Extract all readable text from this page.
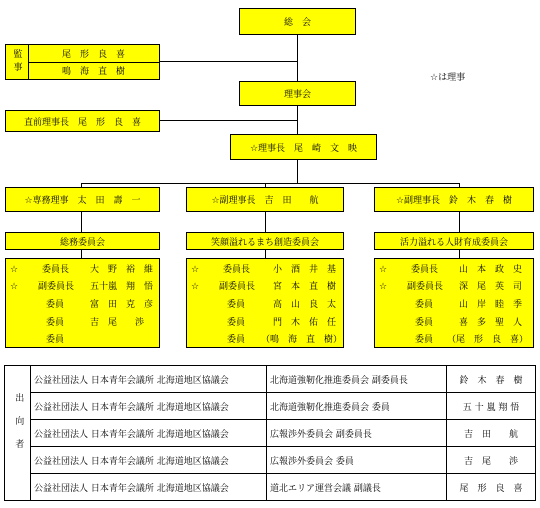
総　会
監事	尾　形　良　喜
鳴　海　直　樹
☆は理事
理事会
直前理事長　尾　形　良　喜
☆理事長　尾　崎　文　映
☆専務理事　太　田　壽　一	☆副理事長　吉　田　　航	☆副理事長　鈴　木　春　樹
総務委員会	笑顔溢れるまち創造委員会	活力溢れる人財育成委員会
☆	委員長 大　野　裕　維
☆ 副委員長 五十嵐　翔　悟
委員	富　田　克　彦
委員	吉　尾　　渉
委員
☆	委員長	小　酒　井　基
☆ 副委員長 宮　本　直　樹
委員	高　山　良　太
委員	門　木　佑　任
委員 （鳴　海　直　樹）
☆	委員長 山　本　政　史
☆ 副委員長 深　尾　英　司
委員	山　岸　睦　季
委員	喜　多　聖　人
委員 （尾　形　良　喜）
出向者	公益社団法人 日本青年会議所 北海道地区協議会	北海道強靭化推進委員会 副委員長	鈴　木　春　樹
	公益社団法人 日本青年会議所 北海道地区協議会	北海道強靭化推進委員会 委員	五 十 嵐 翔 悟
	公益社団法人 日本青年会議所 北海道地区協議会	広報渉外委員会 副委員長	吉　田　　航
	公益社団法人 日本青年会議所 北海道地区協議会	広報渉外委員会 委員	吉　尾　　渉
	公益社団法人 日本青年会議所 北海道地区協議会	道北エリア運営会議 副議長	尾　形　良　喜
